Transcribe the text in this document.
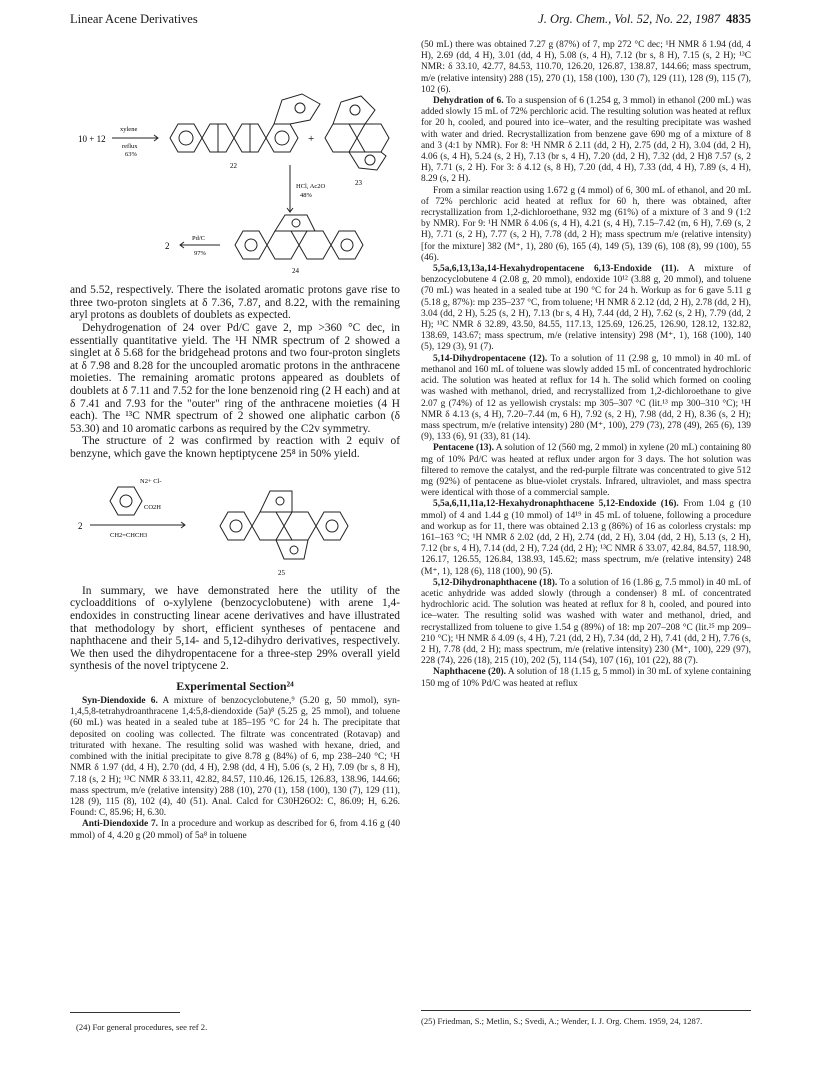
Linear Acene Derivatives	J. Org. Chem., Vol. 52, No. 22, 1987 4835
10 + 12
xylene
reflux
63%
22
+
23
HCl, Ac2O
48%
2
Pd/C
97%
24

and 5.52, respectively. There the isolated aromatic protons gave rise to three two-proton singlets at δ 7.36, 7.87, and 8.22, with the remaining aryl protons as doublets of doublets as expected.

Dehydrogenation of 24 over Pd/C gave 2, mp >360 °C dec, in essentially quantitative yield. The ¹H NMR spectrum of 2 showed a singlet at δ 5.68 for the bridgehead protons and two four-proton singlets at δ 7.98 and 8.28 for the uncoupled aromatic protons in the anthracene moieties. The remaining aromatic protons appeared as doublets of doublets at δ 7.11 and 7.52 for the lone benzenoid ring (2 H each) and at δ 7.41 and 7.93 for the "outer" ring of the anthracene moieties (4 H each). The ¹³C NMR spectrum of 2 showed one aliphatic carbon (δ 53.30) and 10 aromatic carbons as required by the C2v symmetry.

The structure of 2 was confirmed by reaction with 2 equiv of benzyne, which gave the known heptiptycene 25⁸ in 50% yield.

N2+ Cl-
CO2H
CH2=CHCH3
2
25

In summary, we have demonstrated here the utility of the cycloadditions of o-xylylene (benzocyclobutene) with arene 1,4-endoxides in constructing linear acene derivatives and have illustrated that methodology by short, efficient syntheses of pentacene and naphthacene and their 5,14- and 5,12-dihydro derivatives, respectively. We then used the dihydropentacene for a three-step 29% overall yield synthesis of the novel triptycene 2.

Experimental Section²⁴

Syn-Diendoxide 6. A mixture of benzocyclobutene,⁹ (5.20 g, 50 mmol), syn-1,4,5,8-tetrahydroanthracene 1,4:5,8-diendoxide (5a)⁸ (5.25 g, 25 mmol), and toluene (60 mL) was heated in a sealed tube at 185–195 °C for 24 h. The precipitate that deposited on cooling was collected. The filtrate was concentrated (Rotavap) and triturated with hexane. The resulting solid was washed with hexane, dried, and combined with the initial precipitate to give 8.78 g (84%) of 6, mp 238–240 °C; ¹H NMR δ 1.97 (dd, 4 H), 2.70 (dd, 4 H), 2.98 (dd, 4 H), 5.06 (s, 2 H), 7.09 (br s, 8 H), 7.18 (s, 2 H); ¹³C NMR δ 33.11, 42.82, 84.57, 110.46, 126.15, 126.83, 138.96, 144.66; mass spectrum, m/e (relative intensity) 288 (10), 270 (1), 158 (100), 130 (7), 129 (11), 128 (9), 115 (8), 102 (4), 40 (51). Anal. Calcd for C30H26O2: C, 86.09; H, 6.26. Found: C, 85.96; H, 6.30.

Anti-Diendoxide 7. In a procedure and workup as described for 6, from 4.16 g (40 mmol) of 4, 4.20 g (20 mmol) of 5a⁸ in toluene

(50 mL) there was obtained 7.27 g (87%) of 7, mp 272 °C dec; ¹H NMR δ 1.94 (dd, 4 H), 2.69 (dd, 4 H), 3.01 (dd, 4 H), 5.08 (s, 4 H), 7.12 (br s, 8 H), 7.15 (s, 2 H); ¹³C NMR: δ 33.10, 42.77, 84.53, 110.70, 126.20, 126.87, 138.87, 144.66; mass spectrum, m/e (relative intensity) 288 (15), 270 (1), 158 (100), 130 (7), 129 (11), 128 (9), 115 (7), 102 (6).

Dehydration of 6. To a suspension of 6 (1.254 g, 3 mmol) in ethanol (200 mL) was added slowly 15 mL of 72% perchloric acid. The resulting solution was heated at reflux for 20 h, cooled, and poured into ice–water, and the resulting precipitate was washed with water and dried. Recrystallization from benzene gave 690 mg of a mixture of 8 and 3 (4:1 by NMR). For 8: ¹H NMR δ 2.11 (dd, 2 H), 2.75 (dd, 2 H), 3.04 (dd, 2 H), 4.06 (s, 4 H), 5.24 (s, 2 H), 7.13 (br s, 4 H), 7.20 (dd, 2 H), 7.32 (dd, 2 H)8 7.57 (s, 2 H), 7.71 (s, 2 H). For 3: δ 4.12 (s, 8 H), 7.20 (dd, 4 H), 7.33 (dd, 4 H), 7.89 (s, 4 H), 8.29 (s, 2 H).

From a similar reaction using 1.672 g (4 mmol) of 6, 300 mL of ethanol, and 20 mL of 72% perchloric acid heated at reflux for 60 h, there was obtained, after recrystallization from 1,2-dichloroethane, 932 mg (61%) of a mixture of 3 and 9 (1:2 by NMR). For 9: ¹H NMR δ 4.06 (s, 4 H), 4.21 (s, 4 H), 7.15–7.42 (m, 6 H), 7.69 (s, 2 H), 7.71 (s, 2 H), 7.77 (s, 2 H), 7.78 (dd, 2 H); mass spectrum m/e (relative intensity) [for the mixture] 382 (M⁺, 1), 280 (6), 165 (4), 149 (5), 139 (6), 108 (8), 99 (100), 55 (46).

5,5a,6,13,13a,14-Hexahydropentacene 6,13-Endoxide (11). A mixture of benzocyclobutene 4 (2.08 g, 20 mmol), endoxide 10¹² (3.88 g, 20 mmol), and toluene (70 mL) was heated in a sealed tube at 190 °C for 24 h. Workup as for 6 gave 5.11 g (5.18 g, 87%): mp 235–237 °C, from toluene; ¹H NMR δ 2.12 (dd, 2 H), 2.78 (dd, 2 H), 3.04 (dd, 2 H), 5.25 (s, 2 H), 7.13 (br s, 4 H), 7.44 (dd, 2 H), 7.62 (s, 2 H), 7.79 (dd, 2 H); ¹³C NMR δ 32.89, 43.50, 84.55, 117.13, 125.69, 126.25, 126.90, 128.12, 132.82, 138.69, 143.67; mass spectrum, m/e (relative intensity) 298 (M⁺, 1), 168 (100), 140 (5), 129 (3), 91 (7).

5,14-Dihydropentacene (12). To a solution of 11 (2.98 g, 10 mmol) in 40 mL of methanol and 160 mL of toluene was slowly added 15 mL of concentrated hydrochloric acid. The solution was heated at reflux for 14 h. The solid which formed on cooling was washed with methanol, dried, and recrystallized from 1,2-dichloroethane to give 2.07 g (74%) of 12 as yellowish crystals: mp 305–307 °C (lit.¹³ mp 300–310 °C); ¹H NMR δ 4.13 (s, 4 H), 7.20–7.44 (m, 6 H), 7.92 (s, 2 H), 7.98 (dd, 2 H), 8.36 (s, 2 H); mass spectrum, m/e (relative intensity) 280 (M⁺, 100), 279 (73), 278 (49), 265 (6), 139 (9), 133 (6), 91 (33), 81 (14).

Pentacene (13). A solution of 12 (560 mg, 2 mmol) in xylene (20 mL) containing 80 mg of 10% Pd/C was heated at reflux under argon for 3 days. The hot solution was filtered to remove the catalyst, and the red-purple filtrate was concentrated to give 512 mg (92%) of pentacene as blue-violet crystals. Infrared, ultraviolet, and mass spectra were identical with those of a commercial sample.

5,5a,6,11,11a,12-Hexahydronaphthacene 5,12-Endoxide (16). From 1.04 g (10 mmol) of 4 and 1.44 g (10 mmol) of 14¹⁹ in 45 mL of toluene, following a procedure and workup as for 11, there was obtained 2.13 g (86%) of 16 as colorless crystals: mp 161–163 °C; ¹H NMR δ 2.02 (dd, 2 H), 2.74 (dd, 2 H), 3.04 (dd, 2 H), 5.13 (s, 2 H), 7.12 (br s, 4 H), 7.14 (dd, 2 H), 7.24 (dd, 2 H); ¹³C NMR δ 33.07, 42.84, 84.57, 118.90, 126.17, 126.55, 126.84, 138.93, 145.62; mass spectrum, m/e (relative intensity) 248 (M⁺, 1), 128 (6), 118 (100), 90 (5).

5,12-Dihydronaphthacene (18). To a solution of 16 (1.86 g, 7.5 mmol) in 40 mL of acetic anhydride was added slowly (through a condenser) 8 mL of concentrated hydrochloric acid. The solution was heated at reflux for 8 h, cooled, and poured into ice–water. The resulting solid was washed with water and methanol, dried, and recrystallized from toluene to give 1.54 g (89%) of 18: mp 207–208 °C (lit.²⁵ mp 209–210 °C); ¹H NMR δ 4.09 (s, 4 H), 7.21 (dd, 2 H), 7.34 (dd, 2 H), 7.41 (dd, 2 H), 7.76 (s, 2 H), 7.78 (dd, 2 H); mass spectrum, m/e (relative intensity) 230 (M⁺, 100), 229 (97), 228 (74), 226 (18), 215 (10), 202 (5), 114 (54), 107 (16), 101 (22), 88 (7).

Naphthacene (20). A solution of 18 (1.15 g, 5 mmol) in 30 mL of xylene containing 150 mg of 10% Pd/C was heated at reflux

(24) For general procedures, see ref 2.
(25) Friedman, S.; Metlin, S.; Svedi, A.; Wender, I. J. Org. Chem. 1959, 24, 1287.
